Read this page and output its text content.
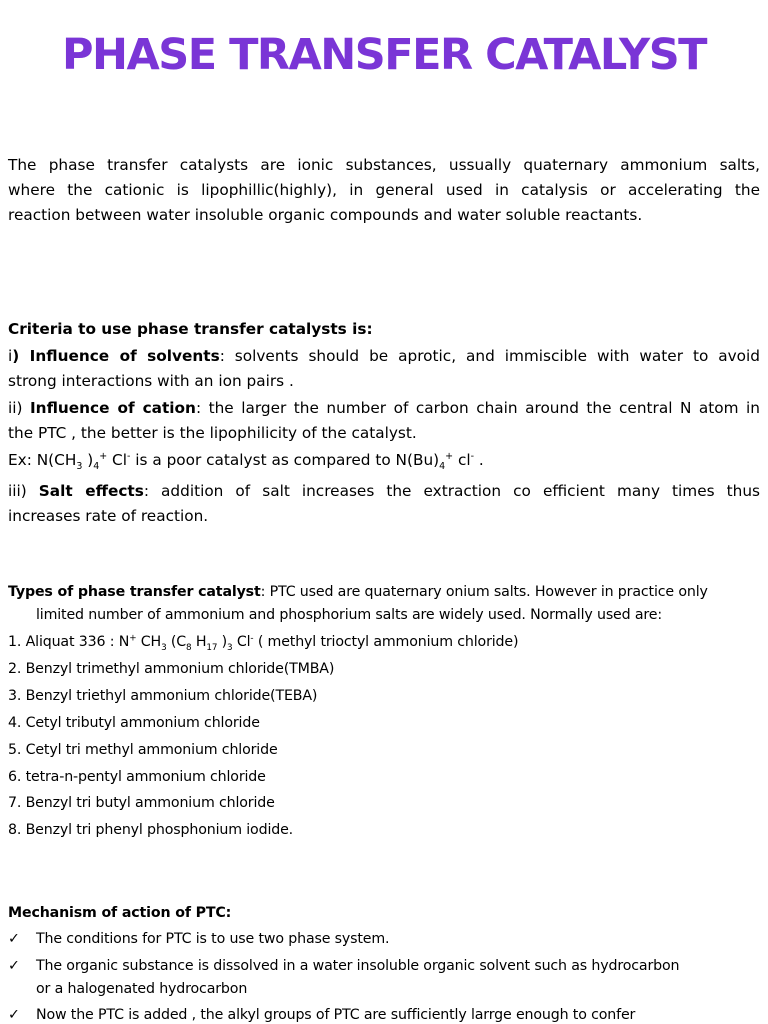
PHASE TRANSFER CATALYST
The phase transfer catalysts are ionic substances, ussually quaternary ammonium salts,
where the cationic is lipophillic(highly), in general used in catalysis or accelerating the
reaction between water insoluble organic compounds and water soluble reactants.
Criteria to use phase transfer catalysts is:
i) Influence of solvents: solvents should be aprotic, and immiscible with water to avoid
strong interactions with an ion pairs .
ii) Influence of cation: the larger the number of carbon chain around the central N atom in
the PTC , the better is the lipophilicity of the catalyst.
Ex: $N(CH_3$ )$_4^+$ Cl- is a poor catalyst as compared to $N(Bu)_4^+$ cl- .
iii) Salt effects: addition of salt increases the extraction co efficient many times thus
increases rate of reaction.
Types of phase transfer catalyst: PTC used are quaternary onium salts. However in practice only
limited number of ammonium and phosphorium salts are widely used. Normally used are:
1. Aliquat 336 : N+ $CH_3$ ($C_8$ $H_{17}$ )$_3$ Cl- ( methyl trioctyl ammonium chloride)
2. Benzyl trimethyl ammonium chloride(TMBA)
3. Benzyl triethyl ammonium chloride(TEBA)
4. Cetyl tributyl ammonium chloride
5. Cetyl tri methyl ammonium chloride
6. tetra-n-pentyl ammonium chloride
7. Benzyl tri butyl ammonium chloride
8. Benzyl tri phenyl phosphonium iodide.
Mechanism of action of PTC:
✓ The conditions for PTC is to use two phase system.
✓ The organic substance is dissolved in a water insoluble organic solvent such as hydrocarbon
or a halogenated hydrocarbon
✓ Now the PTC is added , the alkyl groups of PTC are sufficiently larrge enough to confer
